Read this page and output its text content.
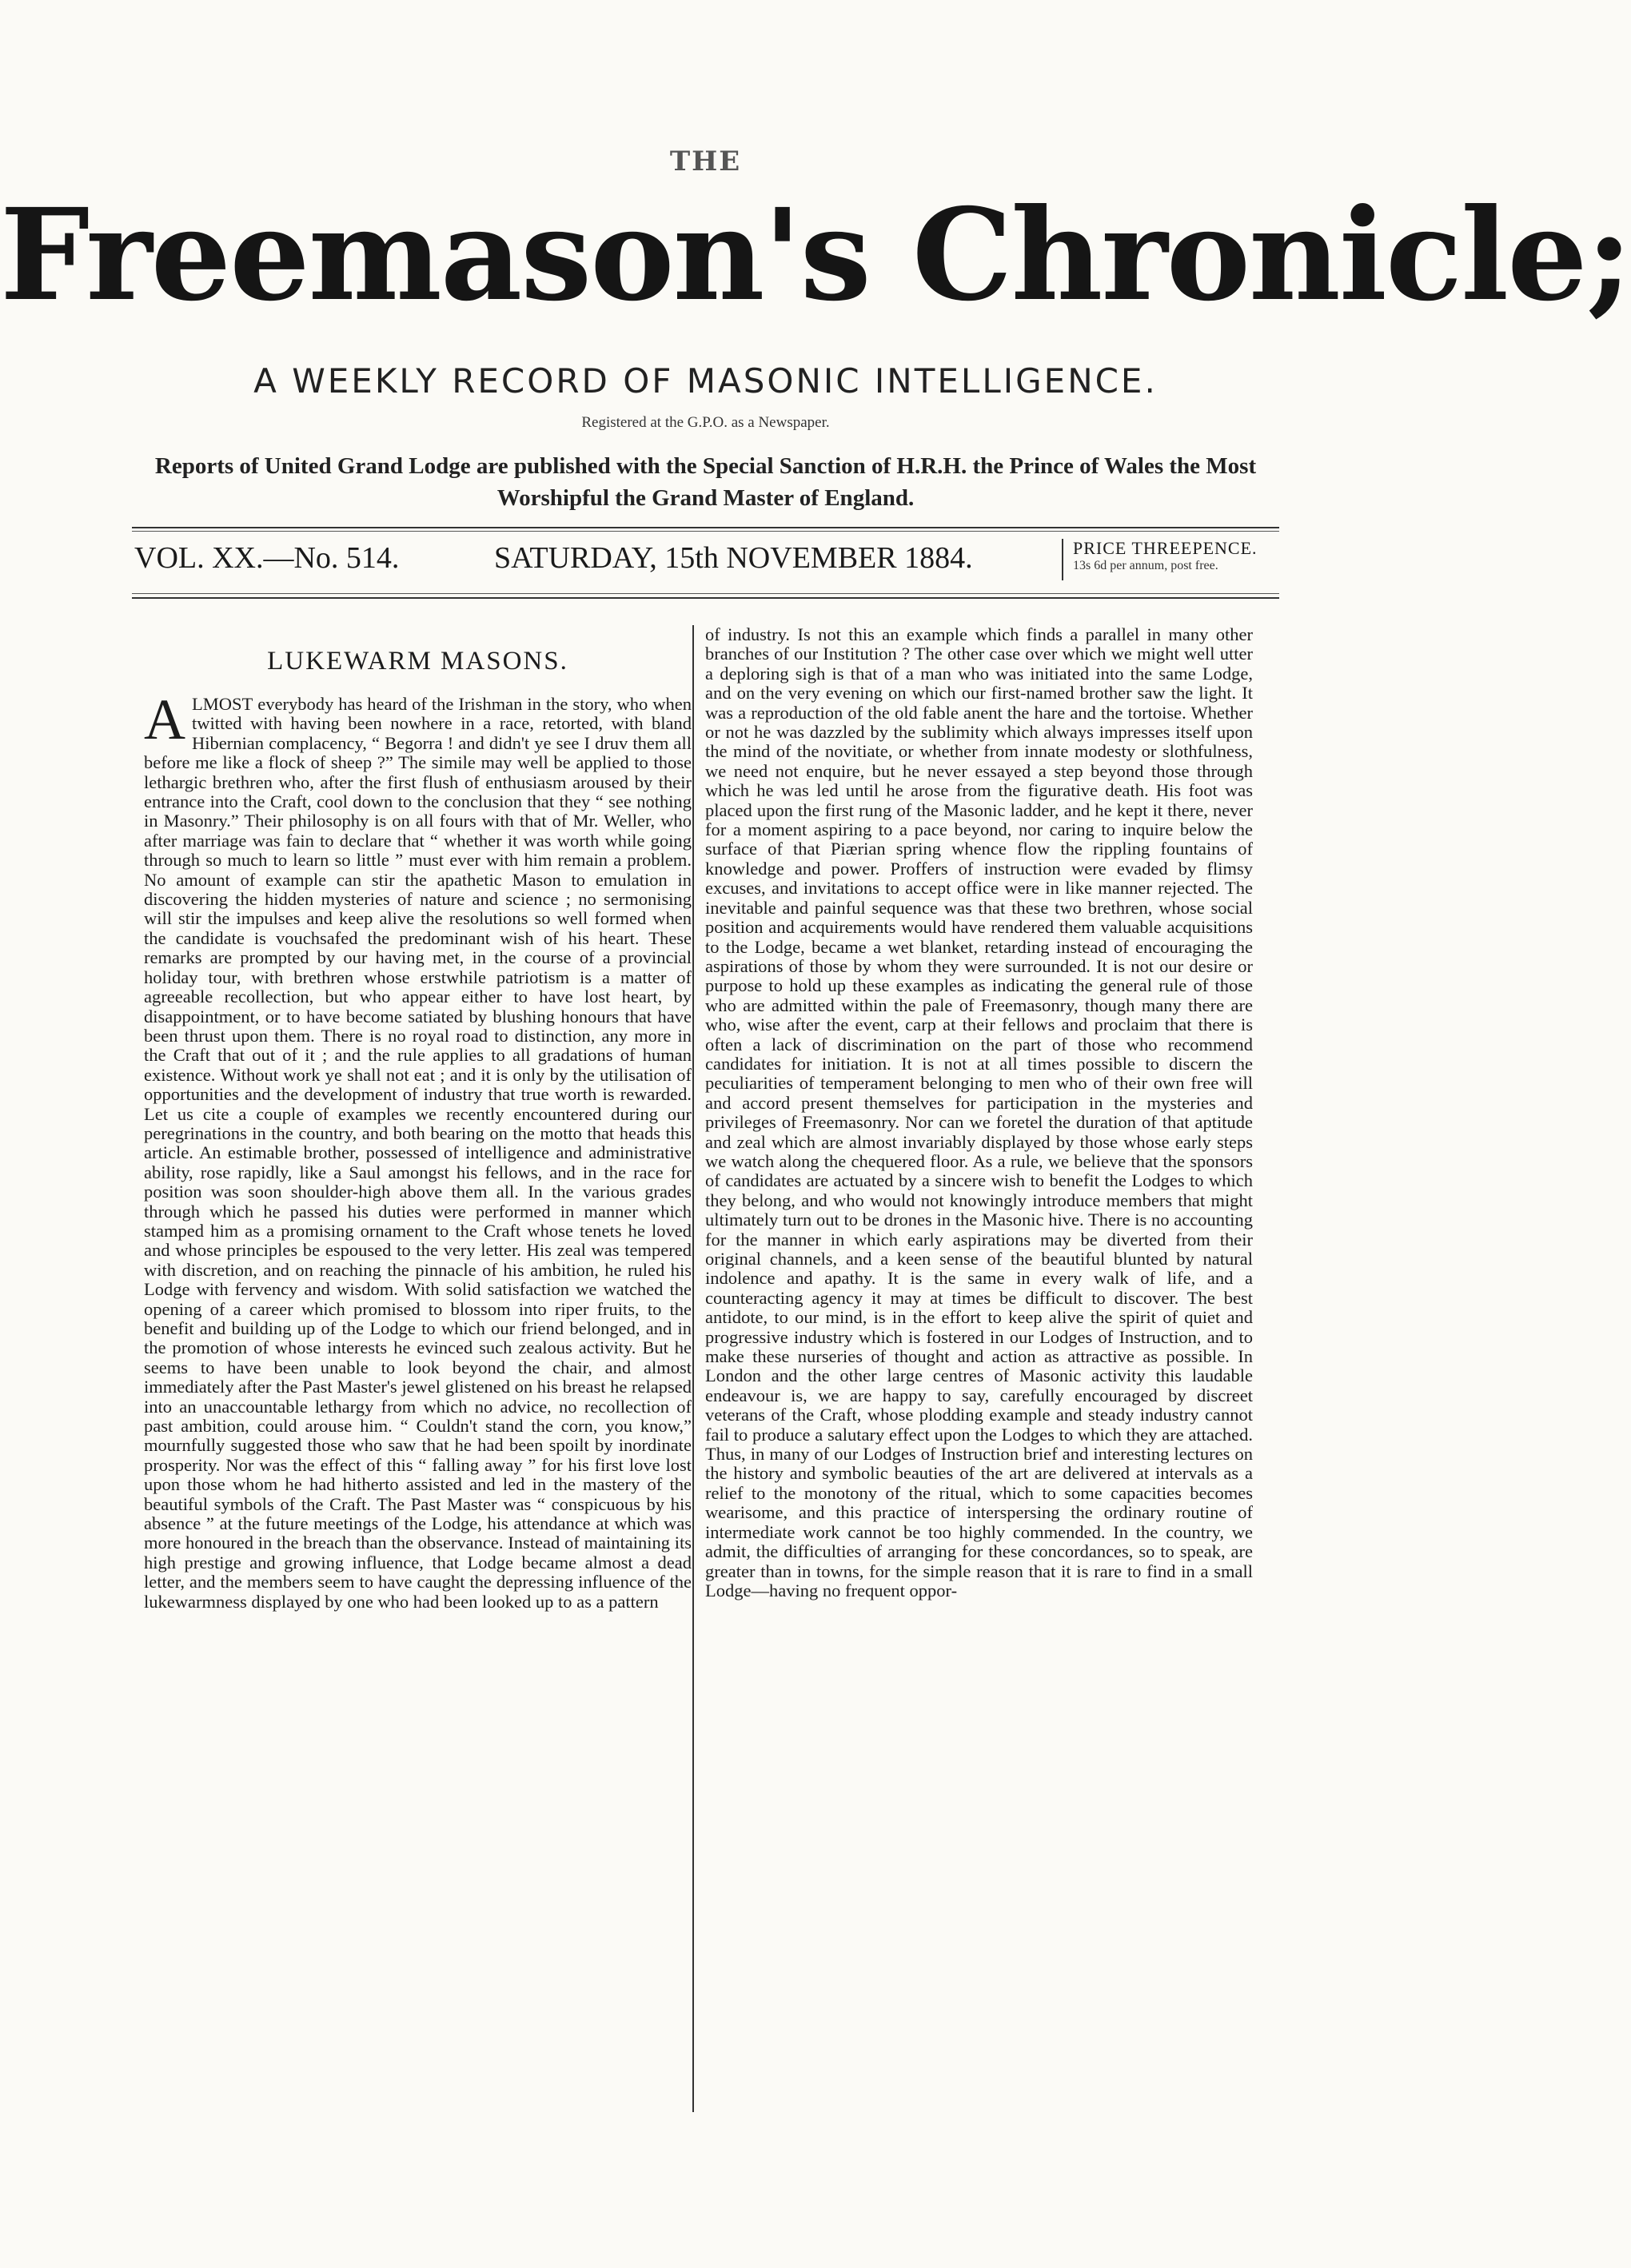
THE
Freemason's Chronicle;
A WEEKLY RECORD OF MASONIC INTELLIGENCE.
Registered at the G.P.O. as a Newspaper.
Reports of United Grand Lodge are published with the Special Sanction of H.R.H. the Prince of Wales the Most Worshipful the Grand Master of England.
VOL. XX.—No. 514.	SATURDAY, 15th NOVEMBER 1884.	PRICE THREEPENCE.
13s 6d per annum, post free.
LUKEWARM MASONS.

ALMOST everybody has heard of the Irishman in the story, who when twitted with having been nowhere in a race, retorted, with bland Hibernian complacency, “ Begorra ! and didn't ye see I druv them all before me like a flock of sheep ?” The simile may well be applied to those lethargic brethren who, after the first flush of enthusiasm aroused by their entrance into the Craft, cool down to the conclusion that they “ see nothing in Masonry.” Their philosophy is on all fours with that of Mr. Weller, who after marriage was fain to declare that “ whether it was worth while going through so much to learn so little ” must ever with him remain a problem. No amount of example can stir the apathetic Mason to emulation in discovering the hidden mysteries of nature and science ; no sermonising will stir the impulses and keep alive the resolutions so well formed when the candidate is vouchsafed the predominant wish of his heart. These remarks are prompted by our having met, in the course of a provincial holiday tour, with brethren whose erstwhile patriotism is a matter of agreeable recollection, but who appear either to have lost heart, by disappointment, or to have become satiated by blushing honours that have been thrust upon them. There is no royal road to distinction, any more in the Craft that out of it ; and the rule applies to all gradations of human existence. Without work ye shall not eat ; and it is only by the utilisation of opportunities and the development of industry that true worth is rewarded. Let us cite a couple of examples we recently encountered during our peregrinations in the country, and both bearing on the motto that heads this article. An estimable brother, possessed of intelligence and administrative ability, rose rapidly, like a Saul amongst his fellows, and in the race for position was soon shoulder-high above them all. In the various grades through which he passed his duties were performed in manner which stamped him as a promising ornament to the Craft whose tenets he loved and whose principles be espoused to the very letter. His zeal was tempered with discretion, and on reaching the pinnacle of his ambition, he ruled his Lodge with fervency and wisdom. With solid satisfaction we watched the opening of a career which promised to blossom into riper fruits, to the benefit and building up of the Lodge to which our friend belonged, and in the promotion of whose interests he evinced such zealous activity. But he seems to have been unable to look beyond the chair, and almost immediately after the Past Master's jewel glistened on his breast he relapsed into an unaccountable lethargy from which no advice, no recollection of past ambition, could arouse him. “ Couldn't stand the corn, you know,” mournfully suggested those who saw that he had been spoilt by inordinate prosperity. Nor was the effect of this “ falling away ” for his first love lost upon those whom he had hitherto assisted and led in the mastery of the beautiful symbols of the Craft. The Past Master was “ conspicuous by his absence ” at the future meetings of the Lodge, his attendance at which was more honoured in the breach than the observance. Instead of maintaining its high prestige and growing influence, that Lodge became almost a dead letter, and the members seem to have caught the depressing influence of the lukewarmness displayed by one who had been looked up to as a pattern

of industry. Is not this an example which finds a parallel in many other branches of our Institution ? The other case over which we might well utter a deploring sigh is that of a man who was initiated into the same Lodge, and on the very evening on which our first-named brother saw the light. It was a reproduction of the old fable anent the hare and the tortoise. Whether or not he was dazzled by the sublimity which always impresses itself upon the mind of the novitiate, or whether from innate modesty or slothfulness, we need not enquire, but he never essayed a step beyond those through which he was led until he arose from the figurative death. His foot was placed upon the first rung of the Masonic ladder, and he kept it there, never for a moment aspiring to a pace beyond, nor caring to inquire below the surface of that Piærian spring whence flow the rippling fountains of knowledge and power. Proffers of instruction were evaded by flimsy excuses, and invitations to accept office were in like manner rejected. The inevitable and painful sequence was that these two brethren, whose social position and acquirements would have rendered them valuable acquisitions to the Lodge, became a wet blanket, retarding instead of encouraging the aspirations of those by whom they were surrounded. It is not our desire or purpose to hold up these examples as indicating the general rule of those who are admitted within the pale of Freemasonry, though many there are who, wise after the event, carp at their fellows and proclaim that there is often a lack of discrimination on the part of those who recommend candidates for initiation. It is not at all times possible to discern the peculiarities of temperament belonging to men who of their own free will and accord present themselves for participation in the mysteries and privileges of Freemasonry. Nor can we foretel the duration of that aptitude and zeal which are almost invariably displayed by those whose early steps we watch along the chequered floor. As a rule, we believe that the sponsors of candidates are actuated by a sincere wish to benefit the Lodges to which they belong, and who would not knowingly introduce members that might ultimately turn out to be drones in the Masonic hive. There is no accounting for the manner in which early aspirations may be diverted from their original channels, and a keen sense of the beautiful blunted by natural indolence and apathy. It is the same in every walk of life, and a counteracting agency it may at times be difficult to discover. The best antidote, to our mind, is in the effort to keep alive the spirit of quiet and progressive industry which is fostered in our Lodges of Instruction, and to make these nurseries of thought and action as attractive as possible. In London and the other large centres of Masonic activity this laudable endeavour is, we are happy to say, carefully encouraged by discreet veterans of the Craft, whose plodding example and steady industry cannot fail to produce a salutary effect upon the Lodges to which they are attached. Thus, in many of our Lodges of Instruction brief and interesting lectures on the history and symbolic beauties of the art are delivered at intervals as a relief to the monotony of the ritual, which to some capacities becomes wearisome, and this practice of interspersing the ordinary routine of intermediate work cannot be too highly commended. In the country, we admit, the difficulties of arranging for these concordances, so to speak, are greater than in towns, for the simple reason that it is rare to find in a small Lodge—having no frequent oppor-
